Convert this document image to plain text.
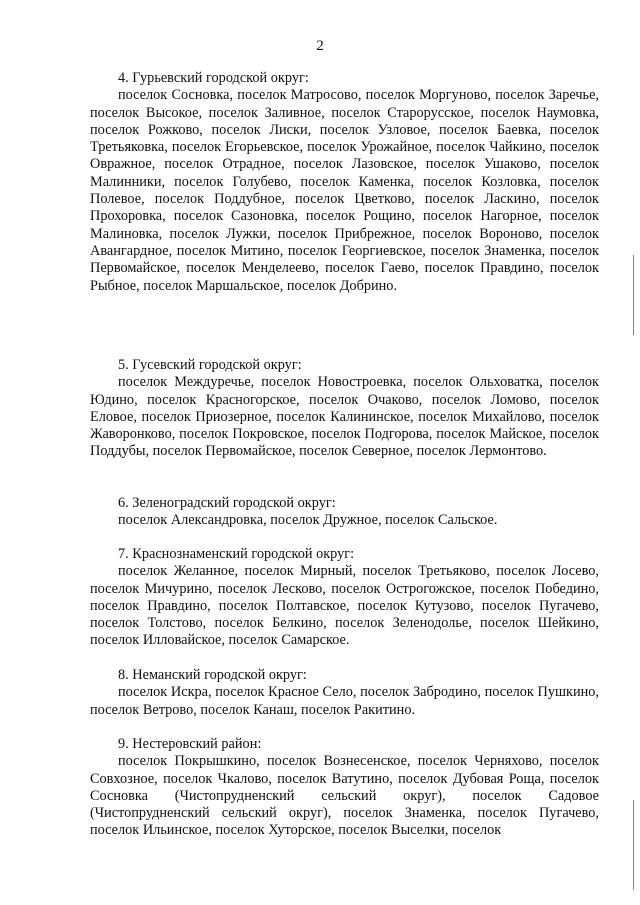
2

4. Гурьевский городской округ:

поселок Сосновка, поселок Матросово, поселок Моргуново, поселок Заречье, поселок Высокое, поселок Заливное, поселок Старорусское, поселок Наумовка, поселок Рожково, поселок Лиски, поселок Узловое, поселок Баевка, поселок Третьяковка, поселок Егорьевское, поселок Урожайное, поселок Чайкино, поселок Овражное, поселок Отрадное, поселок Лазовское, поселок Ушаково, поселок Малинники, поселок Голубево, поселок Каменка, поселок Козловка, поселок Полевое, поселок Поддубное, поселок Цветково, поселок Ласкино, поселок Прохоровка, поселок Сазоновка, поселок Рощино, поселок Нагорное, поселок Малиновка, поселок Лужки, поселок Прибрежное, поселок Вороново, поселок Авангардное, поселок Митино, поселок Георгиевское, поселок Знаменка, поселок Первомайское, поселок Менделеево, поселок Гаево, поселок Правдино, поселок Рыбное, поселок Маршальское, поселок Добрино.

5. Гусевский городской округ:

поселок Междуречье, поселок Новостроевка, поселок Ольховатка, поселок Юдино, поселок Красногорское, поселок Очаково, поселок Ломово, поселок Еловое, поселок Приозерное, поселок Калининское, поселок Михайлово, поселок Жаворонково, поселок Покровское, поселок Подгорова, поселок Майское, поселок Поддубы, поселок Первомайское, поселок Северное, поселок Лермонтово.

6. Зеленоградский городской округ:

поселок Александровка, поселок Дружное, поселок Сальское.

7. Краснознаменский городской округ:

поселок Желанное, поселок Мирный, поселок Третьяково, поселок Лосево, поселок Мичурино, поселок Лесково, поселок Острогожское, поселок Победино, поселок Правдино, поселок Полтавское, поселок Кутузово, поселок Пугачево, поселок Толстово, поселок Белкино, поселок Зеленодолье, поселок Шейкино, поселок Илловайское, поселок Самарское.

8. Неманский городской округ:

поселок Искра, поселок Красное Село, поселок Забродино, поселок Пушкино, поселок Ветрово, поселок Канаш, поселок Ракитино.

9. Нестеровский район:

поселок Покрышкино, поселок Вознесенское, поселок Черняхово, поселок Совхозное, поселок Чкалово, поселок Ватутино, поселок Дубовая Роща, поселок Сосновка (Чистопрудненский сельский округ), поселок Садовое (Чистопрудненский сельский округ), поселок Знаменка, поселок Пугачево, поселок Ильинское, поселок Хуторское, поселок Выселки, поселок
